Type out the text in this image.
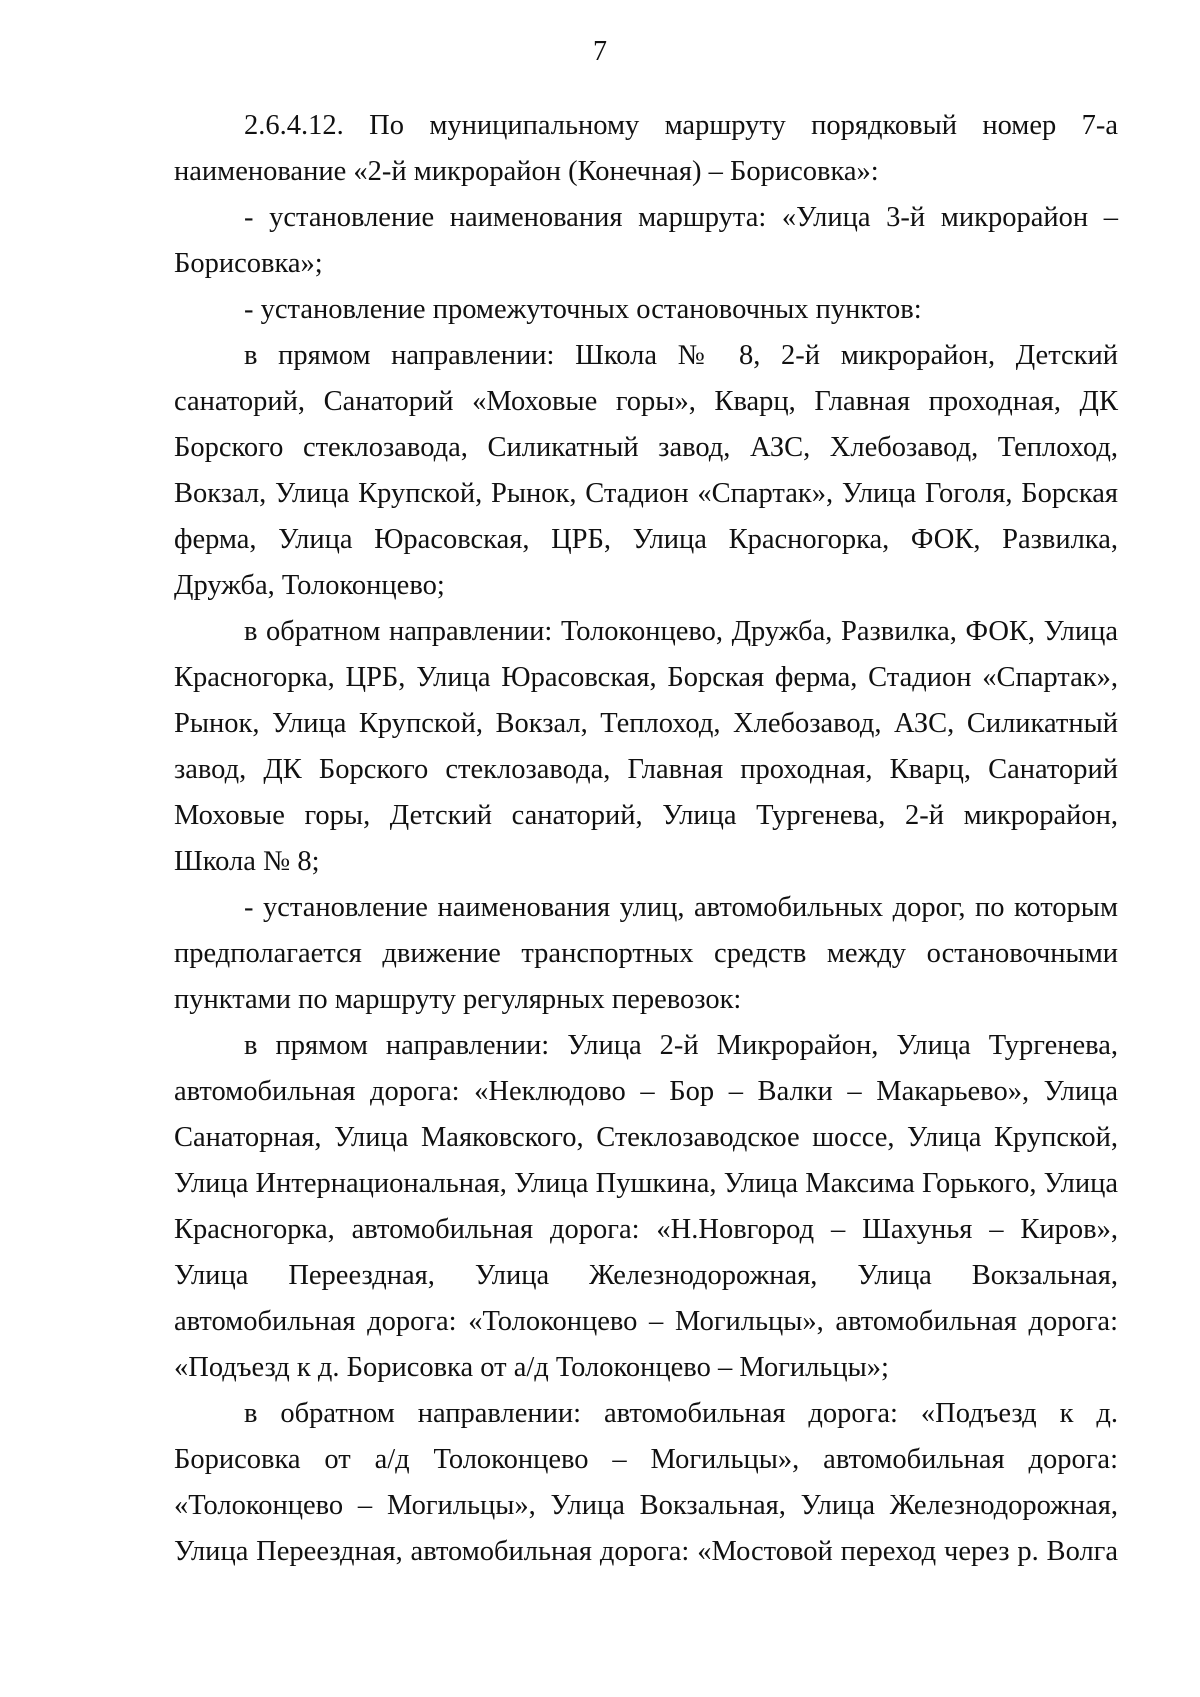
7

2.6.4.12. По муниципальному маршруту порядковый номер 7-а наименование «2-й микрорайон (Конечная) – Борисовка»:

- установление наименования маршрута: «Улица 3-й микрорайон – Борисовка»;

- установление промежуточных остановочных пунктов:

в прямом направлении: Школа № 8, 2-й микрорайон, Детский санаторий, Санаторий «Моховые горы», Кварц, Главная проходная, ДК Борского стеклозавода, Силикатный завод, АЗС, Хлебозавод, Теплоход, Вокзал, Улица Крупской, Рынок, Стадион «Спартак», Улица Гоголя, Борская ферма, Улица Юрасовская, ЦРБ, Улица Красногорка, ФОК, Развилка, Дружба, Толоконцево;

в обратном направлении: Толоконцево, Дружба, Развилка, ФОК, Улица Красногорка, ЦРБ, Улица Юрасовская, Борская ферма, Стадион «Спартак», Рынок, Улица Крупской, Вокзал, Теплоход, Хлебозавод, АЗС, Силикатный завод, ДК Борского стеклозавода, Главная проходная, Кварц, Санаторий Моховые горы, Детский санаторий, Улица Тургенева, 2-й микрорайон, Школа № 8;

- установление наименования улиц, автомобильных дорог, по которым предполагается движение транспортных средств между остановочными пунктами по маршруту регулярных перевозок:

в прямом направлении: Улица 2-й Микрорайон, Улица Тургенева, автомобильная дорога: «Неклюдово – Бор – Валки – Макарьево», Улица Санаторная, Улица Маяковского, Стеклозаводское шоссе, Улица Крупской, Улица Интернациональная, Улица Пушкина, Улица Максима Горького, Улица Красногорка, автомобильная дорога: «Н.Новгород – Шахунья – Киров», Улица Переездная, Улица Железнодорожная, Улица Вокзальная, автомобильная дорога: «Толоконцево – Могильцы», автомобильная дорога: «Подъезд к д. Борисовка от а/д Толоконцево – Могильцы»;

в обратном направлении: автомобильная дорога: «Подъезд к д. Борисовка от а/д Толоконцево – Могильцы», автомобильная дорога: «Толоконцево – Могильцы», Улица Вокзальная, Улица Железнодорожная, Улица Переездная, автомобильная дорога: «Мостовой переход через р. Волга
